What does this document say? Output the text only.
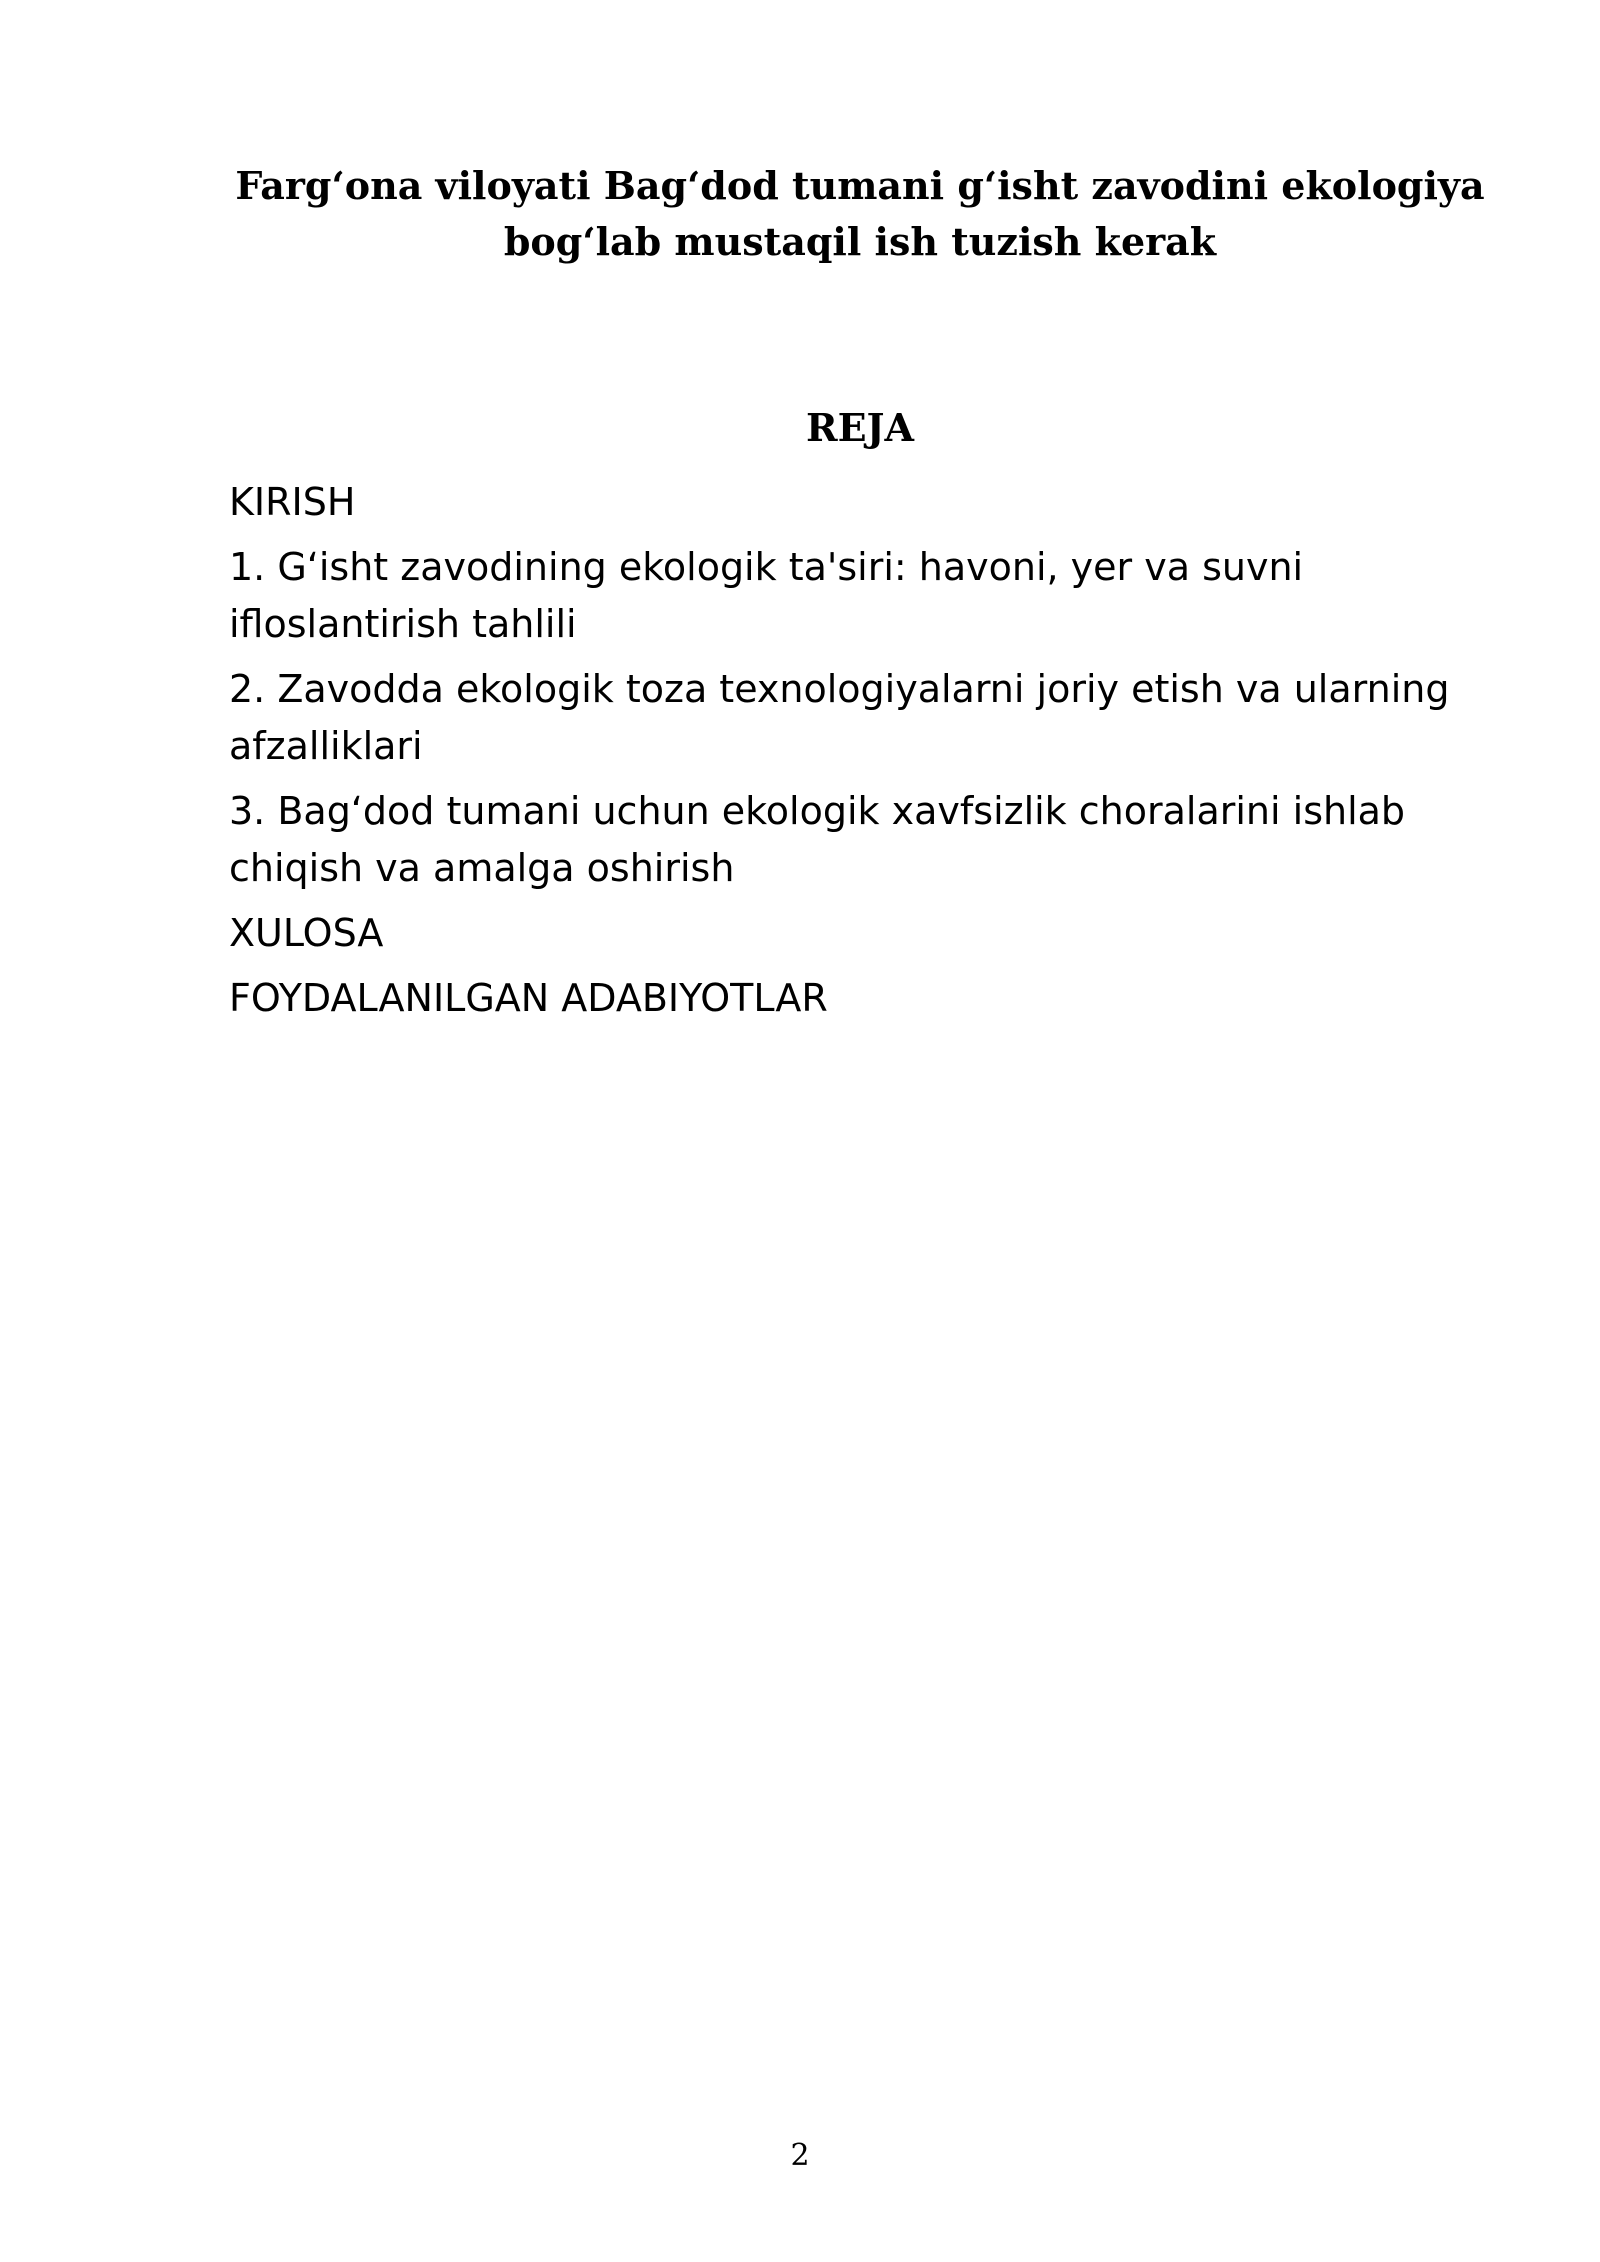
Farg‘ona viloyati Bag‘dod tumani g‘isht zavodini ekologiya
bog‘lab mustaqil ish tuzish kerak
REJA
KIRISH
1. G‘isht zavodining ekologik ta'siri: havoni, yer va suvni ifloslantirish tahlili
2. Zavodda ekologik toza texnologiyalarni joriy etish va ularning afzalliklari
3. Bag‘dod tumani uchun ekologik xavfsizlik choralarini ishlab chiqish va amalga oshirish
XULOSA
FOYDALANILGAN ADABIYOTLAR
2
